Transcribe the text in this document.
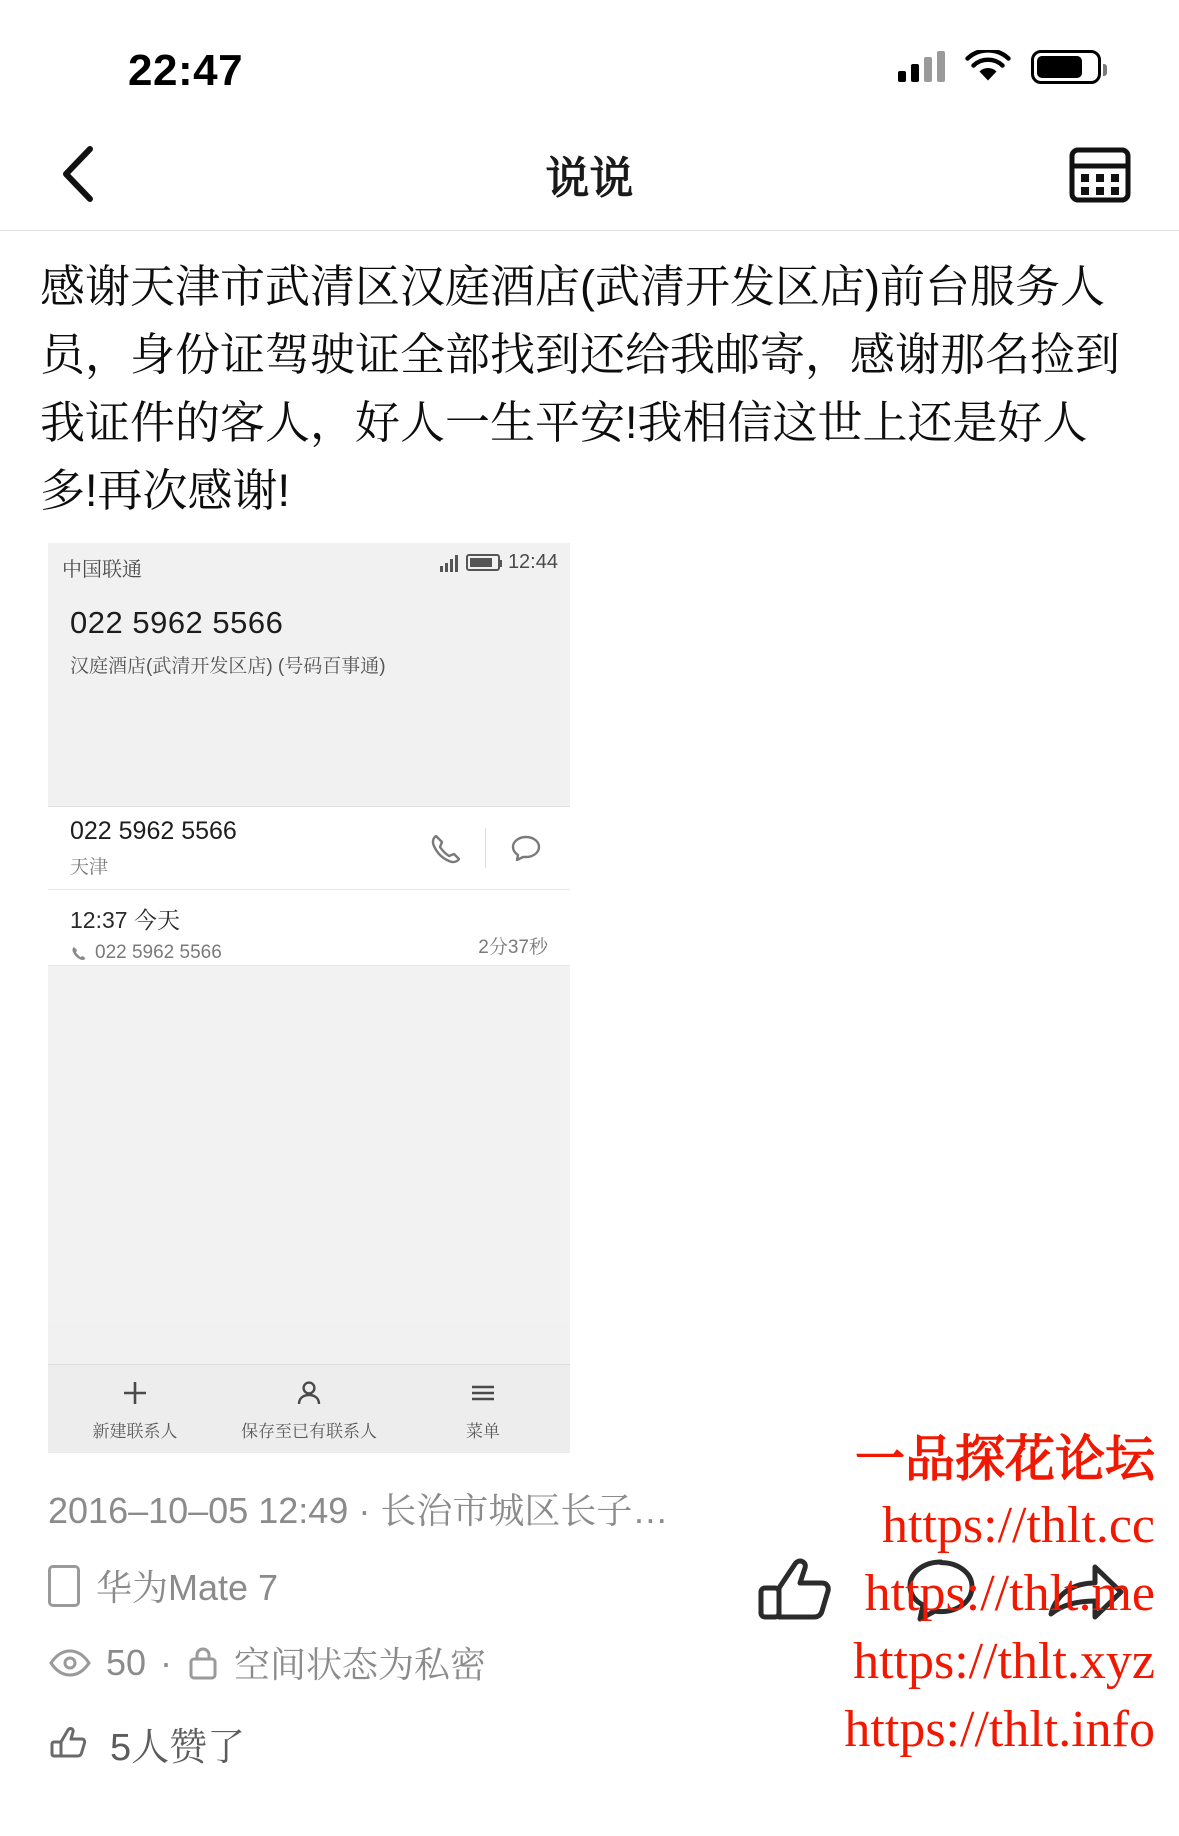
22:47
说说
感谢天津市武清区汉庭酒店(武清开发区店)前台服务人员，身份证驾驶证全部找到还给我邮寄，感谢那名捡到我证件的客人，好人一生平安!我相信这世上还是好人多!再次感谢!
中国联通	12:44
022 5962 5566
汉庭酒店(武清开发区店) (号码百事通)
022 5962 5566
天津
12:37 今天
022 5962 5566	2分37秒
新建联系人	保存至已有联系人	菜单
2016–10–05 12:49 · 长治市城区长子…
华为Mate 7
50 · 空间状态为私密
5人赞了
一品探花论坛
https://thlt.cc
https://thlt.me
https://thlt.xyz
https://thlt.info
